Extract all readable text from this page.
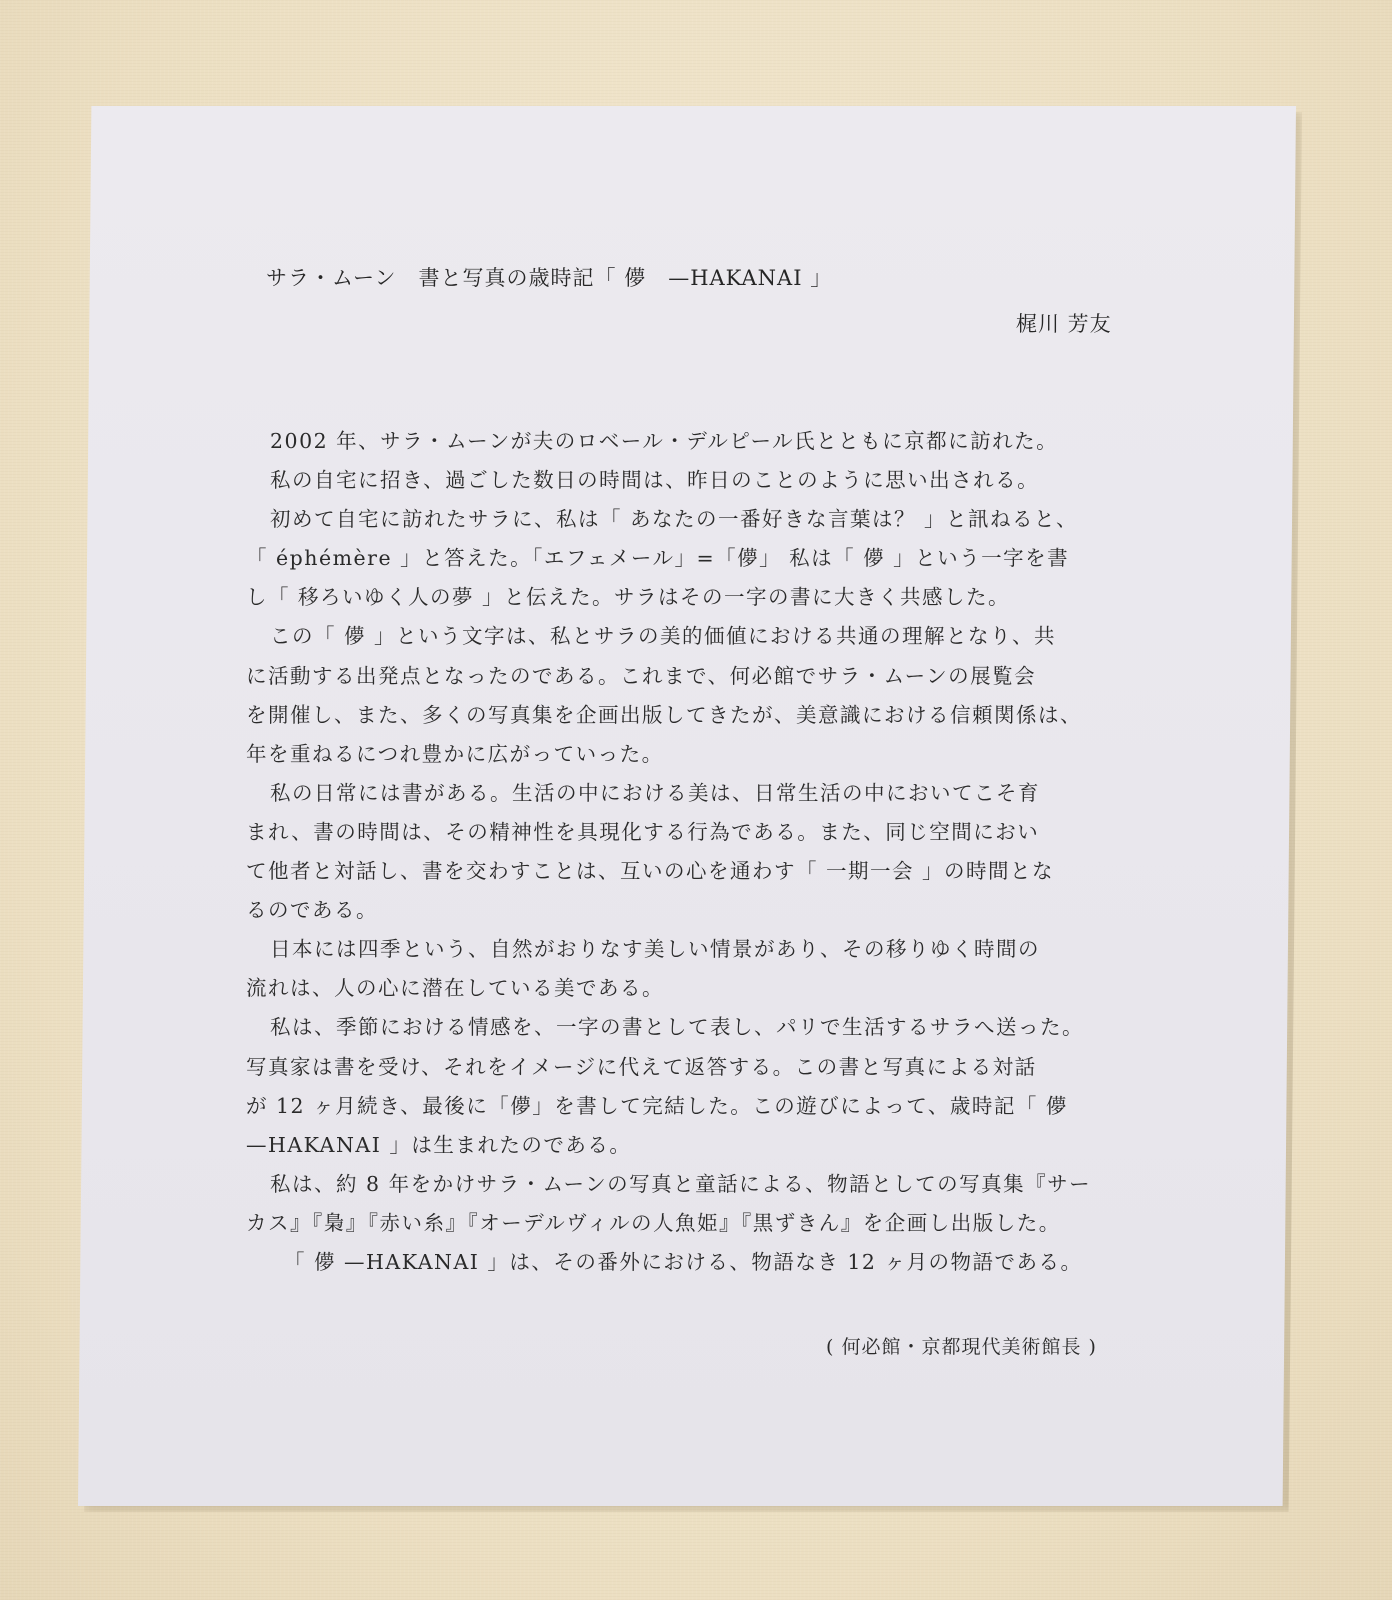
サラ・ムーン　書と写真の歳時記「 儚　—HAKANAI 」
梶川 芳友
2002 年、サラ・ムーンが夫のロベール・デルピール氏とともに京都に訪れた。
私の自宅に招き、過ごした数日の時間は、昨日のことのように思い出される。
初めて自宅に訪れたサラに、私は「 あなたの一番好きな言葉は？ 」と訊ねると、
「 éphémère 」と答えた。「エフェメール」=「儚」 私は「 儚 」という一字を書
し「 移ろいゆく人の夢 」と伝えた。サラはその一字の書に大きく共感した。
この「 儚 」という文字は、私とサラの美的価値における共通の理解となり、共
に活動する出発点となったのである。これまで、何必館でサラ・ムーンの展覧会
を開催し、また、多くの写真集を企画出版してきたが、美意識における信頼関係は、
年を重ねるにつれ豊かに広がっていった。
私の日常には書がある。生活の中における美は、日常生活の中においてこそ育
まれ、書の時間は、その精神性を具現化する行為である。また、同じ空間におい
て他者と対話し、書を交わすことは、互いの心を通わす「 一期一会 」の時間とな
るのである。
日本には四季という、自然がおりなす美しい情景があり、その移りゆく時間の
流れは、人の心に潜在している美である。
私は、季節における情感を、一字の書として表し、パリで生活するサラへ送った。
写真家は書を受け、それをイメージに代えて返答する。この書と写真による対話
が 12 ヶ月続き、最後に「儚」を書して完結した。この遊びによって、歳時記「 儚
—HAKANAI 」は生まれたのである。
私は、約 8 年をかけサラ・ムーンの写真と童話による、物語としての写真集『サー
カス』『梟』『赤い糸』『オーデルヴィルの人魚姫』『黒ずきん』を企画し出版した。
「 儚 —HAKANAI 」は、その番外における、物語なき 12 ヶ月の物語である。
( 何必館・京都現代美術館長 )
